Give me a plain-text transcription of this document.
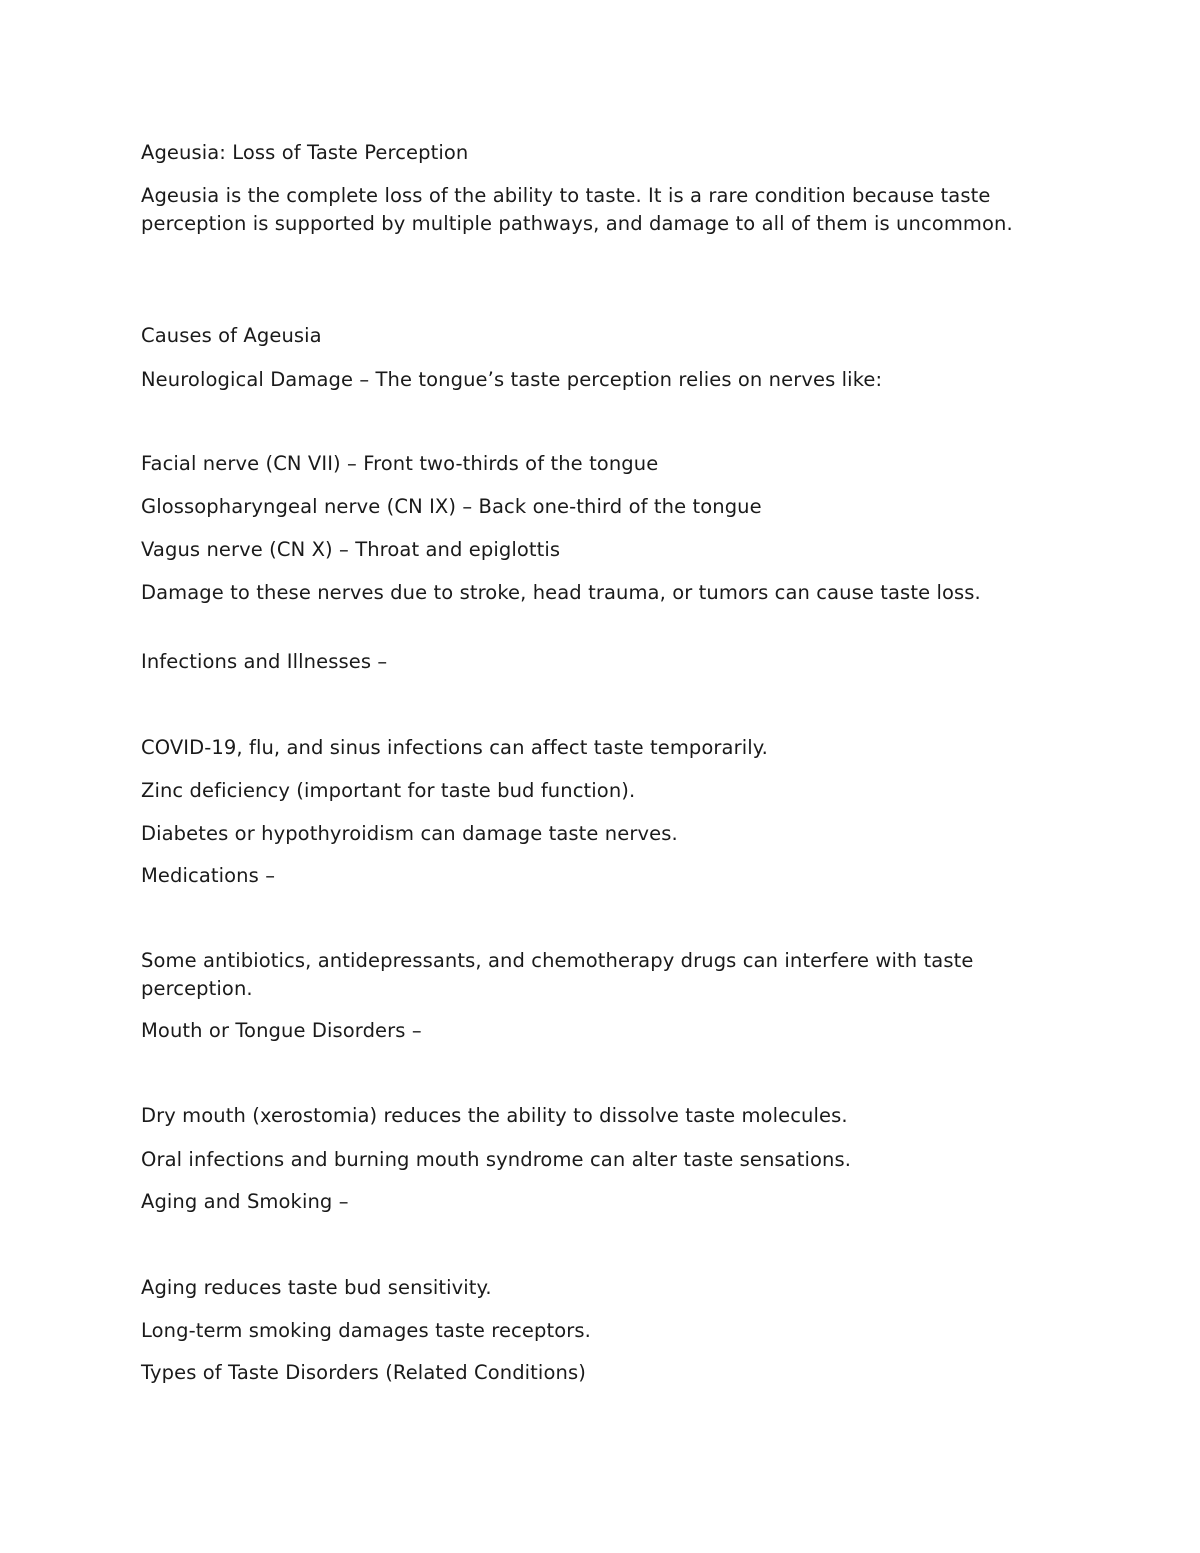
Ageusia: Loss of Taste Perception

Ageusia is the complete loss of the ability to taste. It is a rare condition because taste perception is supported by multiple pathways, and damage to all of them is uncommon.

Causes of Ageusia

Neurological Damage – The tongue’s taste perception relies on nerves like:

Facial nerve (CN VII) – Front two-thirds of the tongue

Glossopharyngeal nerve (CN IX) – Back one-third of the tongue

Vagus nerve (CN X) – Throat and epiglottis

Damage to these nerves due to stroke, head trauma, or tumors can cause taste loss.

Infections and Illnesses –

COVID-19, flu, and sinus infections can affect taste temporarily.

Zinc deficiency (important for taste bud function).

Diabetes or hypothyroidism can damage taste nerves.

Medications –

Some antibiotics, antidepressants, and chemotherapy drugs can interfere with taste perception.

Mouth or Tongue Disorders –

Dry mouth (xerostomia) reduces the ability to dissolve taste molecules.

Oral infections and burning mouth syndrome can alter taste sensations.

Aging and Smoking –

Aging reduces taste bud sensitivity.

Long-term smoking damages taste receptors.

Types of Taste Disorders (Related Conditions)
